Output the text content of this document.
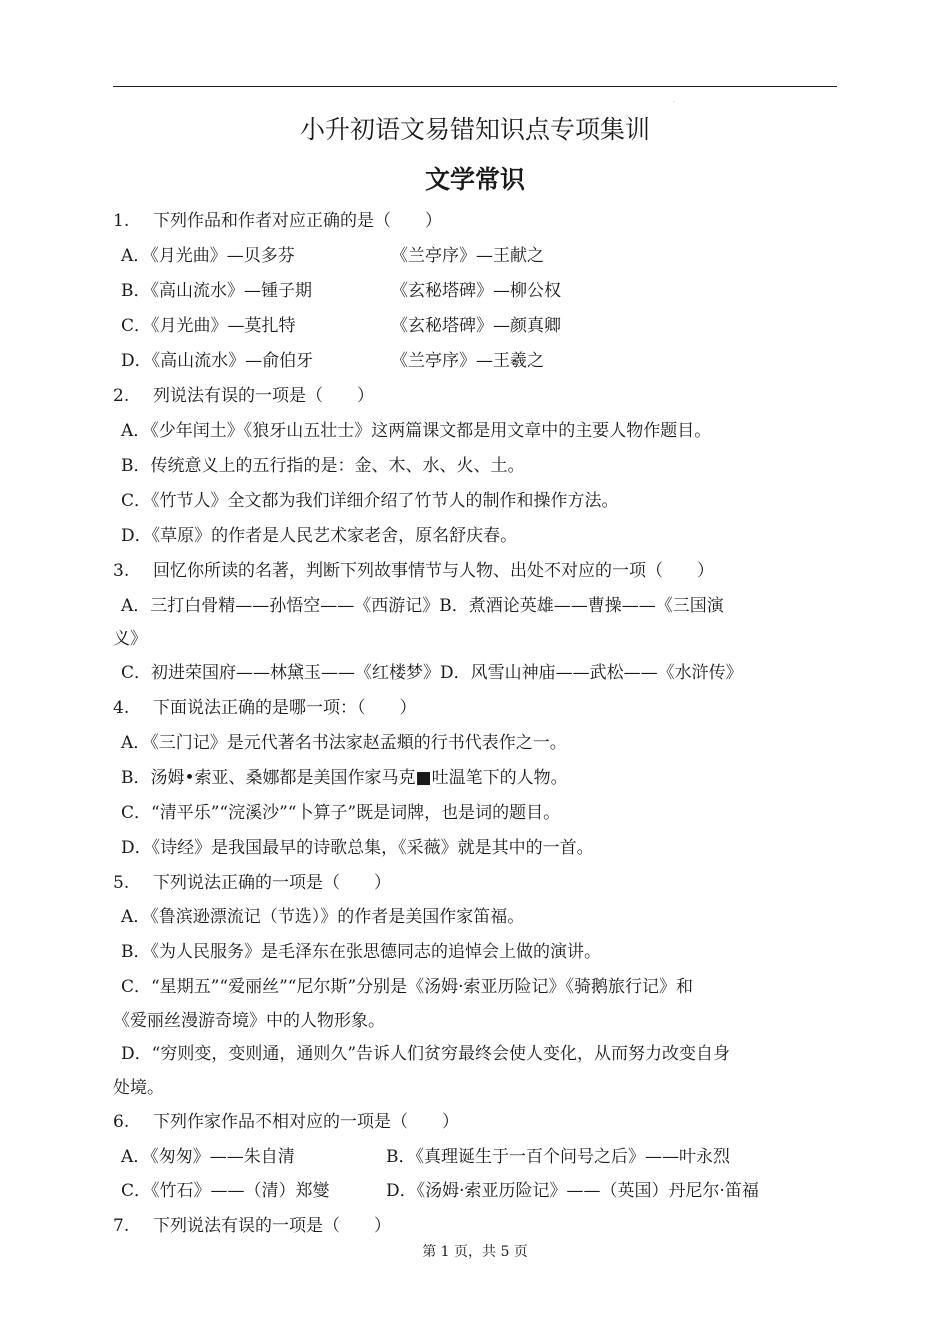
·
小升初语文易错知识点专项集训
文学常识
1. 下列作品和作者对应正确的是（　　）
A．《月光曲》—贝多芬	《兰亭序》—王献之
B．《高山流水》—锺子期	《玄秘塔碑》—柳公权
C．《月光曲》—莫扎特	《玄秘塔碑》—颜真卿
D．《高山流水》—俞伯牙	《兰亭序》—王羲之
2. 列说法有误的一项是（　　）
A．《少年闰土》《狼牙山五壮士》这两篇课文都是用文章中的主要人物作题目。
B．传统意义上的五行指的是：金、木、水、火、土。
C．《竹节人》全文都为我们详细介绍了竹节人的制作和操作方法。
D．《草原》的作者是人民艺术家老舍，原名舒庆春。
3. 回忆你所读的名著，判断下列故事情节与人物、出处不对应的一项（　　）
A．三打白骨精——孙悟空——《西游记》B．煮酒论英雄——曹操——《三国演
义》
C．初进荣国府——林黛玉——《红楼梦》D．风雪山神庙——武松——《水浒传》
4. 下面说法正确的是哪一项：（　　）
A．《三门记》是元代著名书法家赵孟頫的行书代表作之一。
B．汤姆•索亚、桑娜都是美国作家马克■吐温笔下的人物。
C．“清平乐”“浣溪沙”“卜算子”既是词牌，也是词的题目。
D．《诗经》是我国最早的诗歌总集，《采薇》就是其中的一首。
5. 下列说法正确的一项是（　　）
A．《鲁滨逊漂流记（节选）》的作者是美国作家笛福。
B．《为人民服务》是毛泽东在张思德同志的追悼会上做的演讲。
C．“星期五”“爱丽丝”“尼尔斯”分别是《汤姆·索亚历险记》《骑鹅旅行记》和
《爱丽丝漫游奇境》中的人物形象。
D．“穷则变，变则通，通则久”告诉人们贫穷最终会使人变化，从而努力改变自身
处境。
6. 下列作家作品不相对应的一项是（　　）
A．《匆匆》——朱自清	B．《真理诞生于一百个问号之后》——叶永烈
C．《竹石》——（清）郑燮	D．《汤姆·索亚历险记》——（英国）丹尼尔·笛福
7. 下列说法有误的一项是（　　）
第 1 页，共 5 页
